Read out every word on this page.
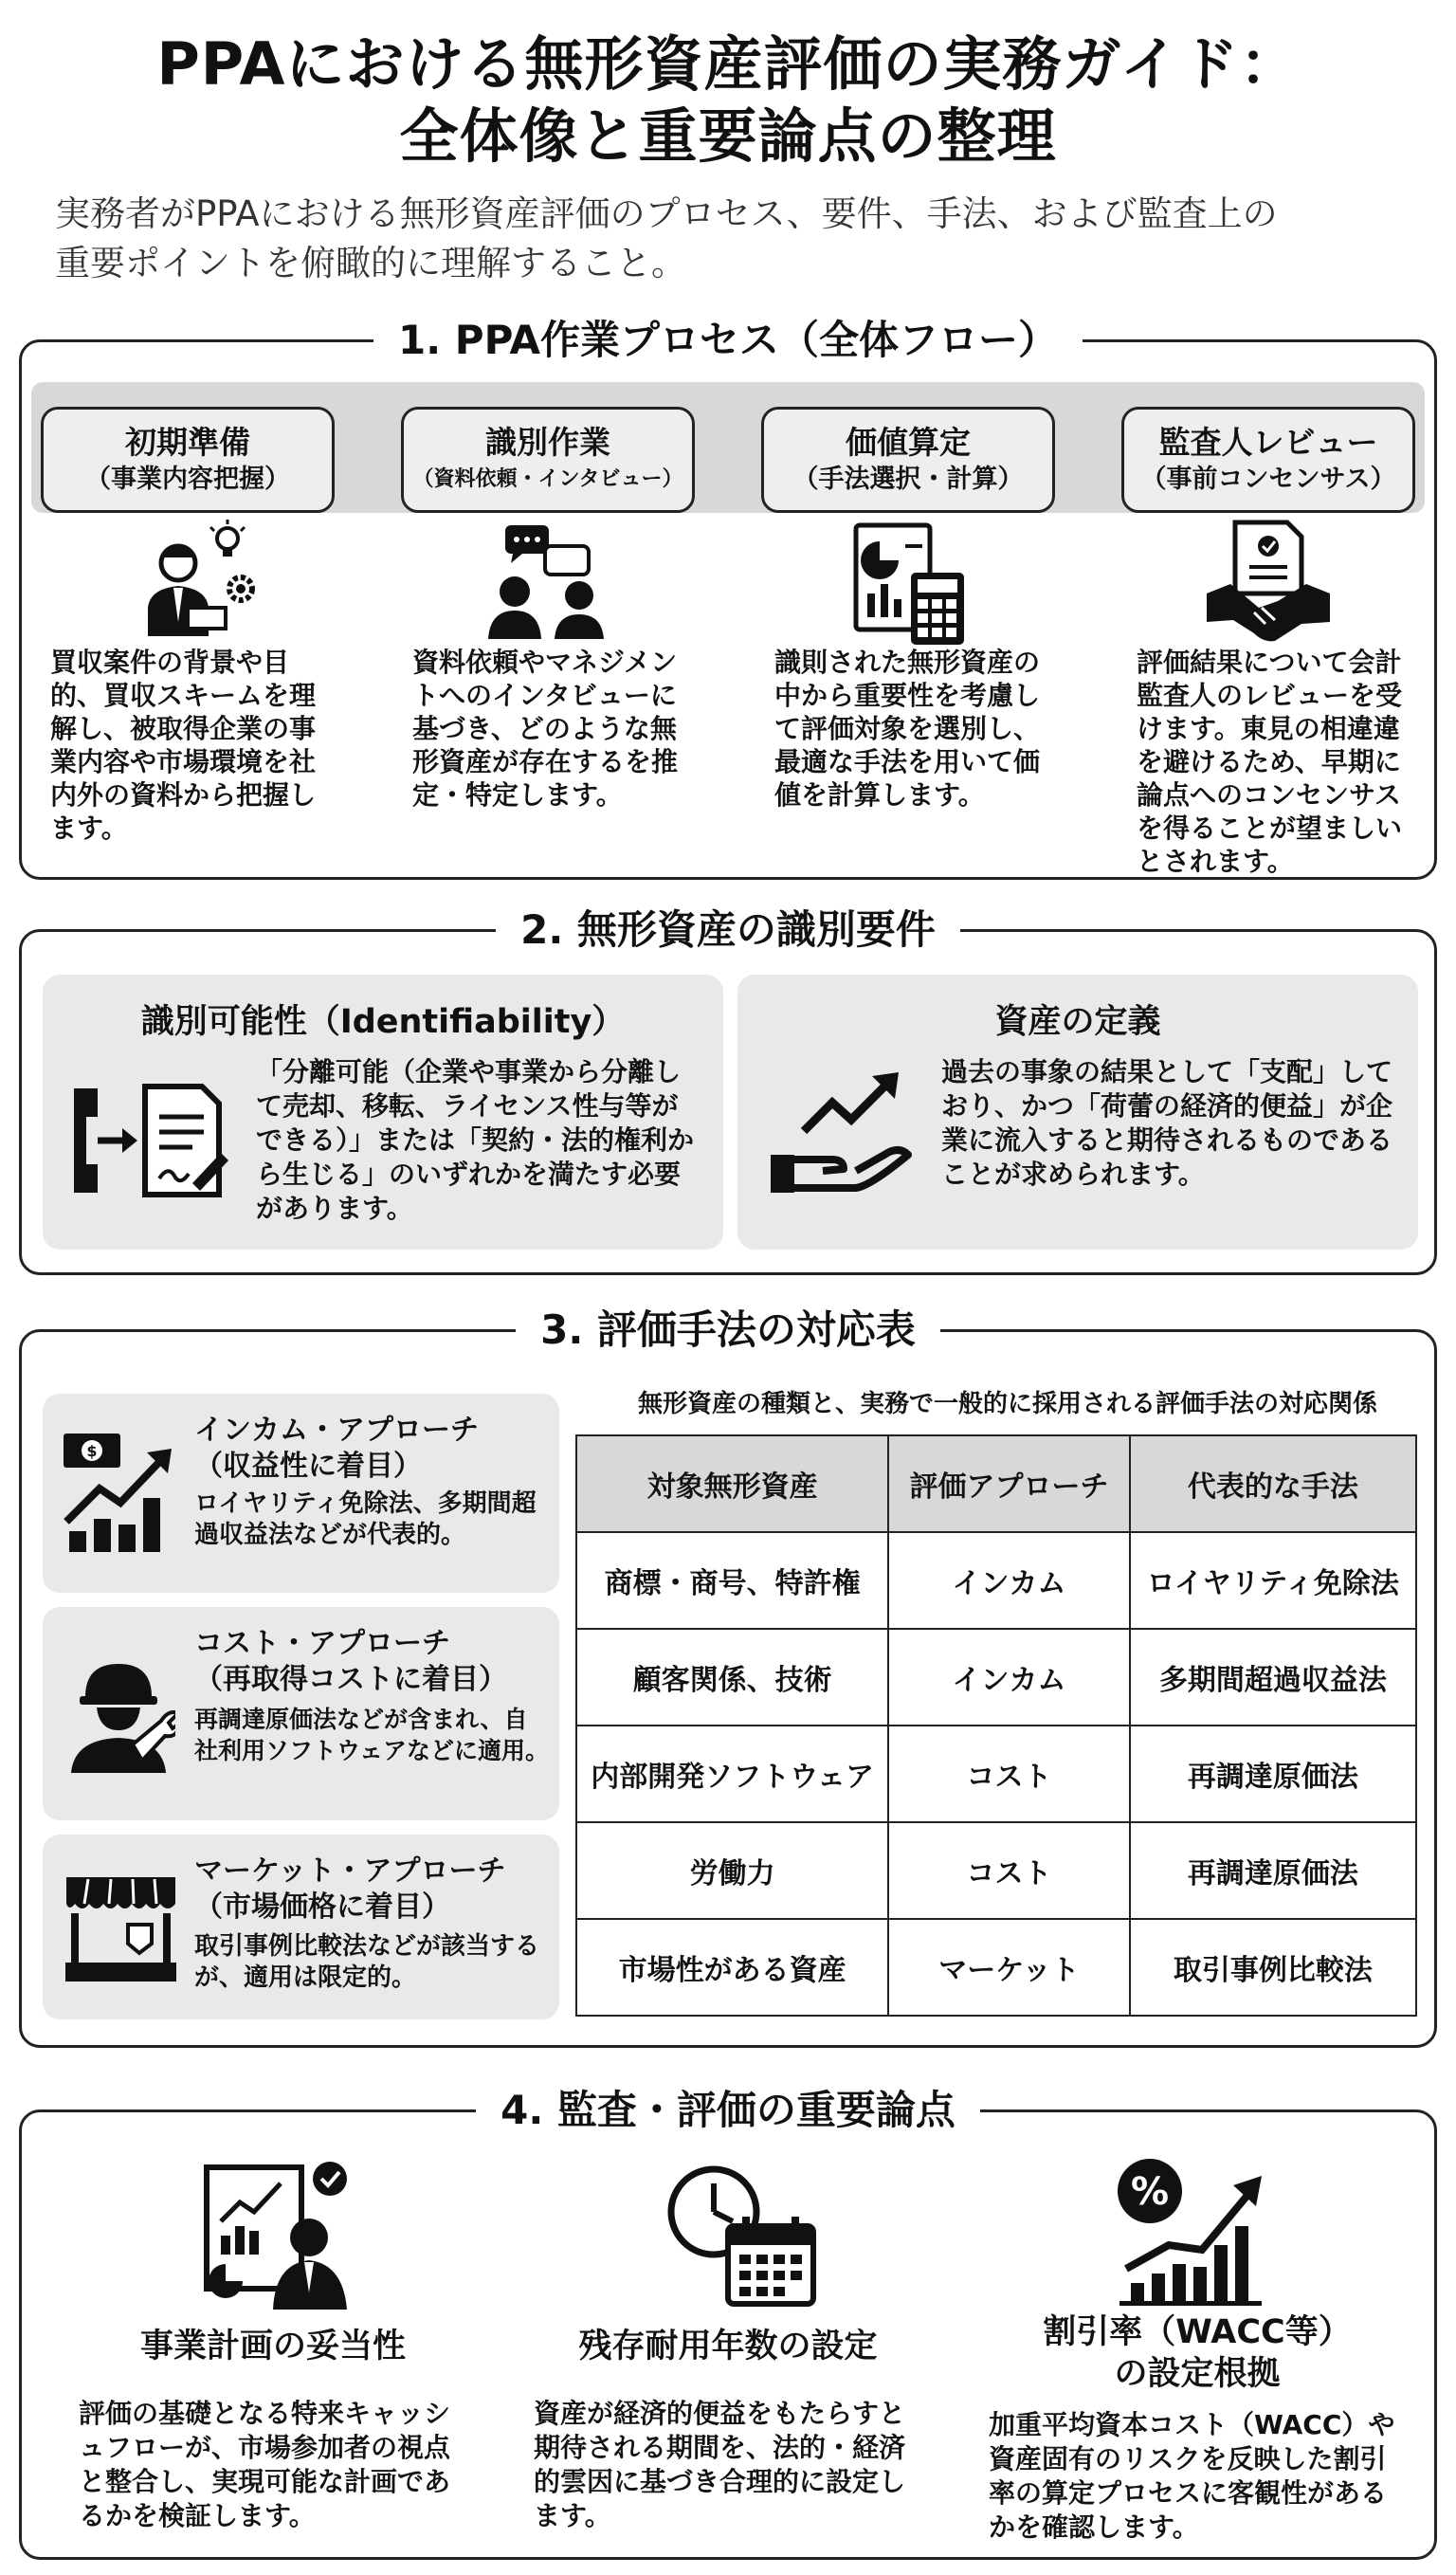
PPAにおける無形資産評価の実務ガイド：
全体像と重要論点の整理
実務者がPPAにおける無形資産評価のプロセス、要件、手法、および監査上の
重要ポイントを俯瞰的に理解すること。
1. PPA作業プロセス（全体フロー）
初期準備
（事業内容把握）
識別作業
（資料依頼・インタビュー）
価値算定
（手法選択・計算）
監査人レビュー
（事前コンセンサス）
買収案件の背景や目的、買収スキームを理解し、被取得企業の事業内容や市場環境を社内外の資料から把握します。
資料依頼やマネジメントへのインタビューに基づき、どのような無形資産が存在するを推定・特定します。
識則された無形資産の中から重要性を考慮して評価対象を選別し、最適な手法を用いて価値を計算します。
評価結果について会計監査人のレビューを受けます。東見の相違違を避けるため、早期に論点へのコンセンサスを得ることが望ましいとされます。
2. 無形資産の識別要件
識別可能性（Identifiability）
「分離可能（企業や事業から分離して売却、移転、ライセンス性与等ができる）」または「契約・法的権利から生じる」のいずれかを満たす必要があります。
資産の定義
過去の事象の結果として「支配」しており、かつ「荷蕾の経済的便益」が企業に流入すると期待されるものであることが求められます。
3. 評価手法の対応表
$
インカム・アプローチ
（収益性に着目）
ロイヤリティ免除法、多期間超過収益法などが代表的。
コスト・アプローチ
（再取得コストに着目）
再調達原価法などが含まれ、自社利用ソフトウェアなどに適用。
マーケット・アプローチ
（市場価格に着目）
取引事例比較法などが該当するが、適用は限定的。
無形資産の種類と、実務で一般的に採用される評価手法の対応関係
対象無形資産	評価アプローチ	代表的な手法
商標・商号、特許権	インカム	ロイヤリティ免除法
顧客関係、技術	インカム	多期間超過収益法
内部開発ソフトウェア	コスト	再調達原価法
労働力	コスト	再調達原価法
市場性がある資産	マーケット	取引事例比較法
4. 監査・評価の重要論点
%
事業計画の妥当性	残存耐用年数の設定	割引率（WACC等）
の設定根拠
評価の基礎となる特来キャッシュフローが、市場参加者の視点と整合し、実現可能な計画であるかを検証します。
資産が経済的便益をもたらすと期待される期間を、法的・経済的雲因に基づき合理的に設定します。
加重平均資本コスト（WACC）や資産固有のリスクを反映した割引率の算定プロセスに客観性があるかを確認します。
